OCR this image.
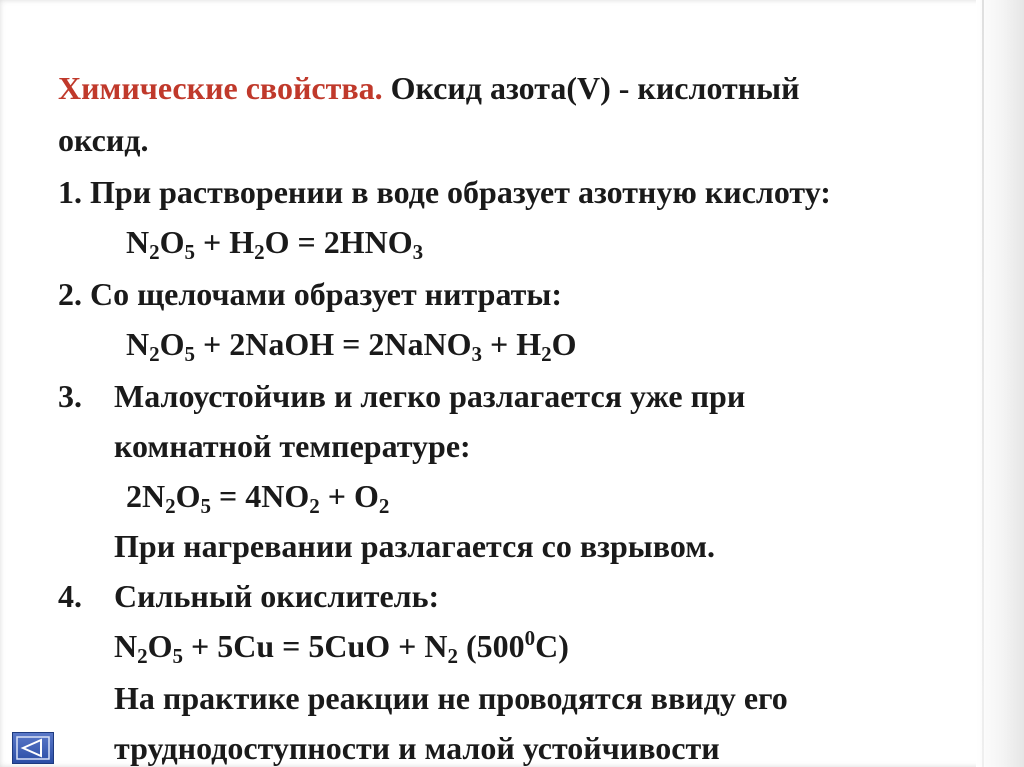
Химические свойства. Оксид азота(V) - кислотный
оксид.
1. При растворении в воде образует азотную кислоту:
$N_2O_5 + H_2O = 2HNO_3$
2. Со щелочами образует нитраты:
$N_2O_5$ + 2NaOH = 2NaNO$_3$ + $H_2O$
3. Малоустойчив и легко разлагается уже при
комнатной температуре:
$2N_2O_5 = 4NO_2 + O_2$
При нагревании разлагается со взрывом.
4. Сильный окислитель:
$N_2O_5 + 5Cu = 5CuO + N_2$ $(500^0C)$
На практике реакции не проводятся ввиду его
труднодоступности и малой устойчивости
